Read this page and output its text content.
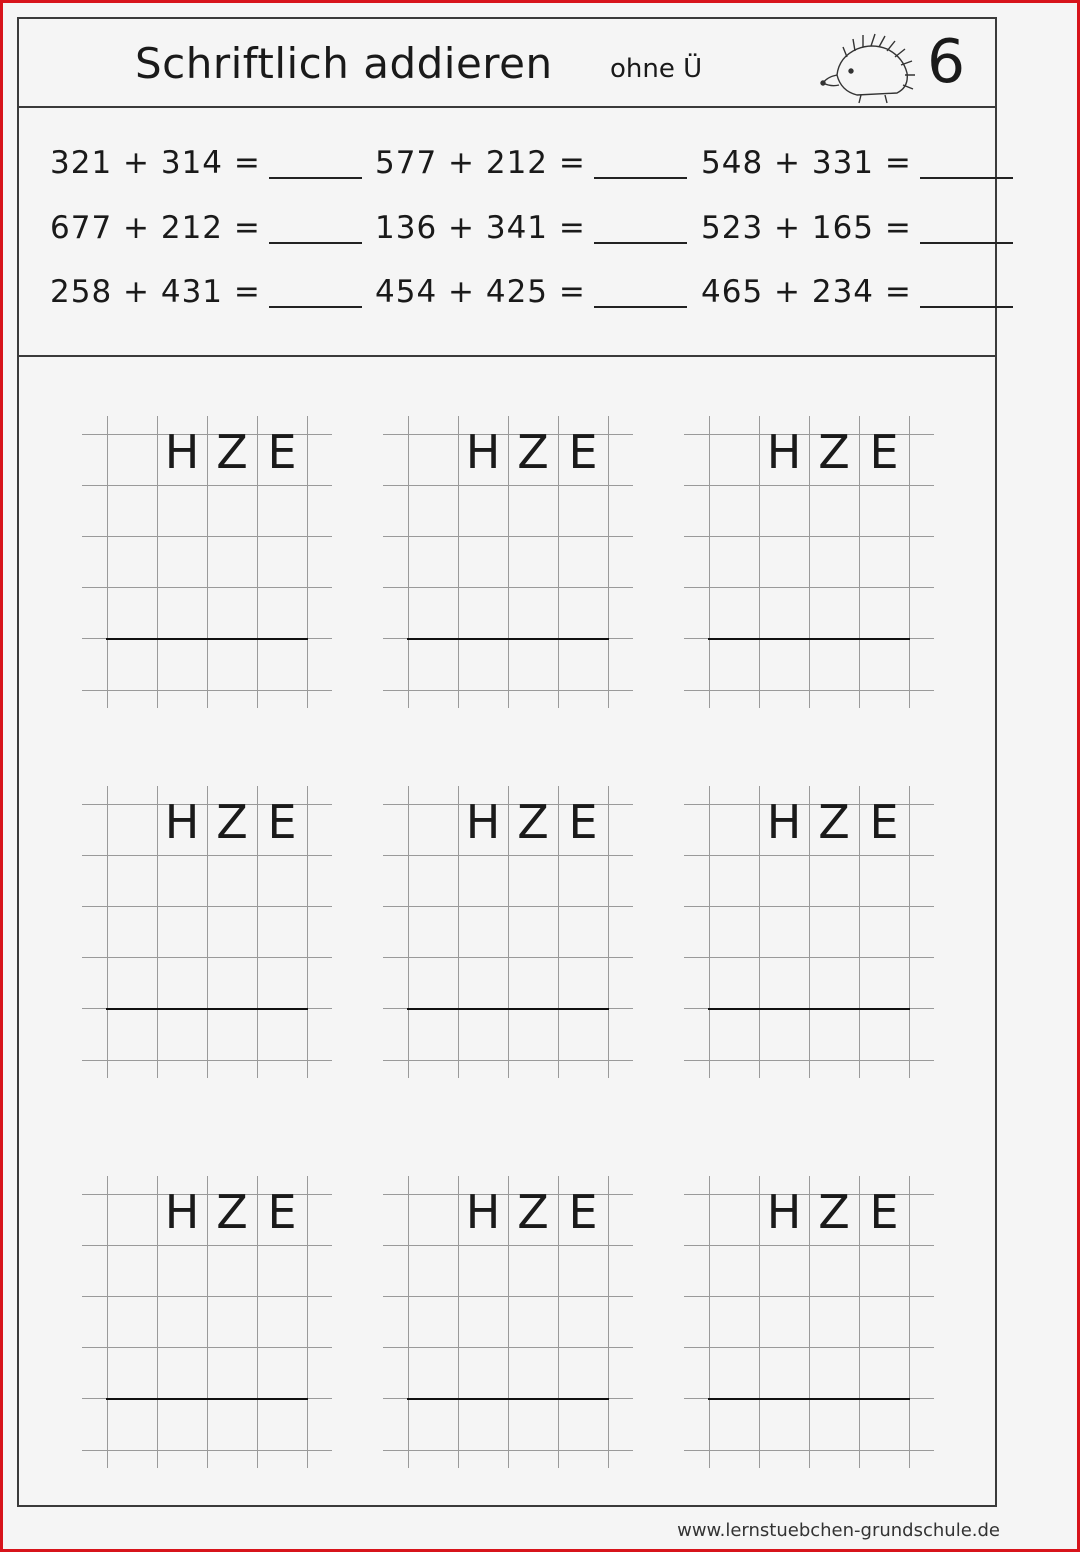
Schriftlich addieren ohne Ü	6
321 + 314 =	577 + 212 =	548 + 331 =
677 + 212 =	136 + 341 =	523 + 165 =
258 + 431 =	454 + 425 =	465 + 234 =
H Z E	H Z E	H Z E
H Z E	H Z E	H Z E
H Z E	H Z E	H Z E
www.lernstuebchen-grundschule.de
